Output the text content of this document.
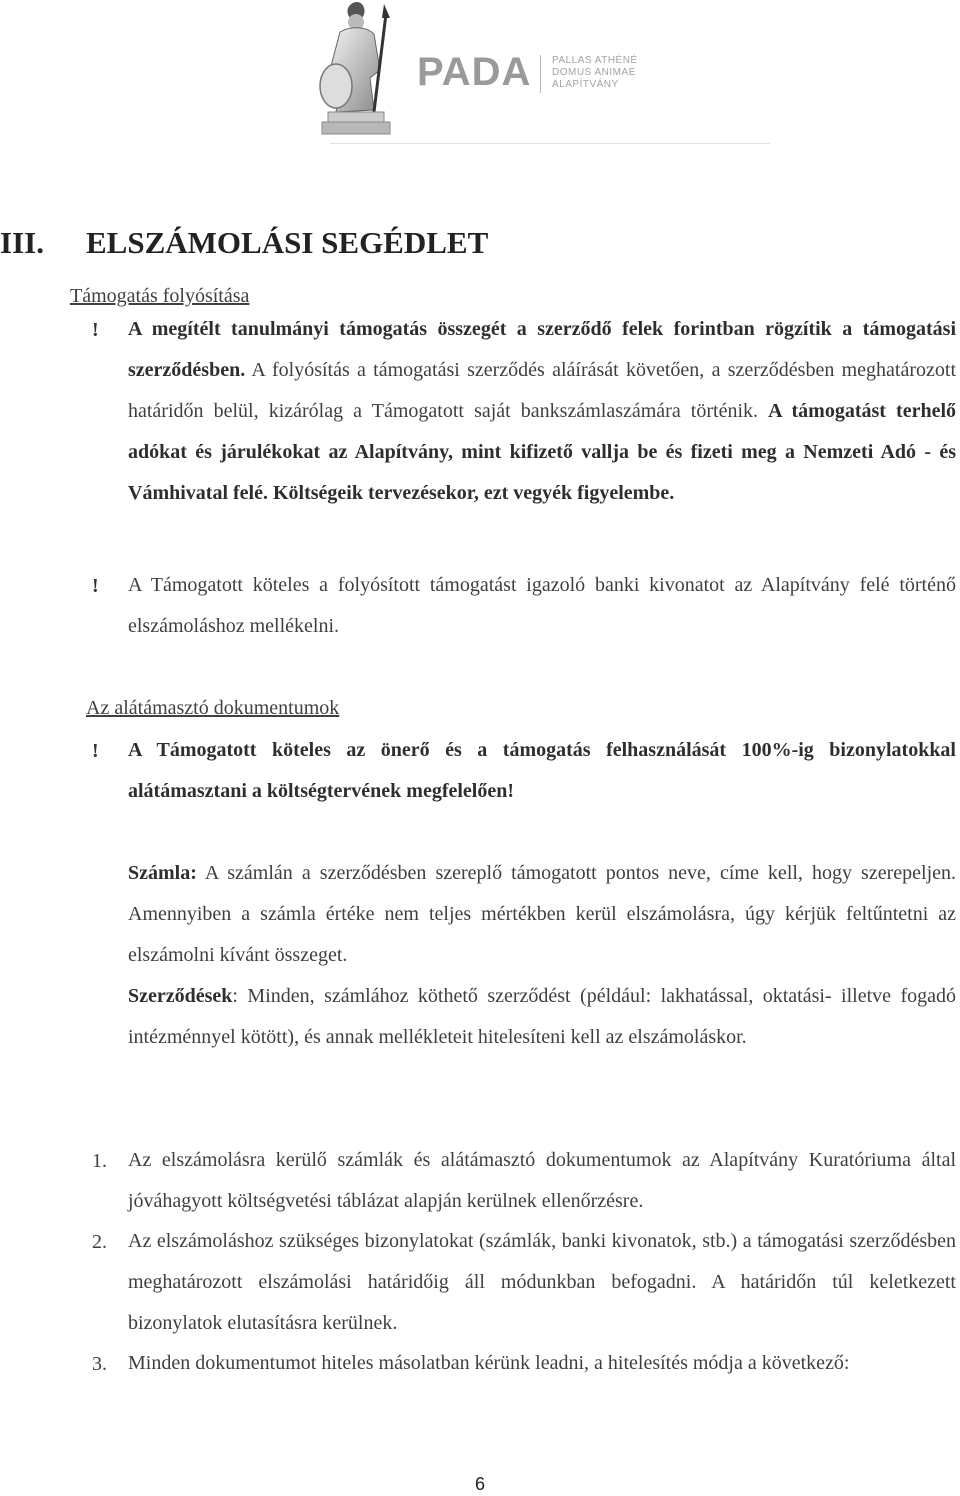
PADA PALLAS ATHÉNÉ
DOMUS ANIMAE
ALAPÍTVÁNY
III. ELSZÁMOLÁSI SEGÉDLET
Támogatás folyósítása
! A megítélt tanulmányi támogatás összegét a szerződő felek forintban rögzítik a támogatási szerződésben. A folyósítás a támogatási szerződés aláírását követően, a szerződésben meghatározott határidőn belül, kizárólag a Támogatott saját bankszámlaszámára történik. A támogatást terhelő adókat és járulékokat az Alapítvány, mint kifizető vallja be és fizeti meg a Nemzeti Adó - és Vámhivatal felé. Költségeik tervezésekor, ezt vegyék figyelembe.
! A Támogatott köteles a folyósított támogatást igazoló banki kivonatot az Alapítvány felé történő elszámoláshoz mellékelni.
Az alátámasztó dokumentumok
! A Támogatott köteles az önerő és a támogatás felhasználását 100%-ig bizonylatokkal alátámasztani a költségtervének megfelelően!
Számla: A számlán a szerződésben szereplő támogatott pontos neve, címe kell, hogy szerepeljen. Amennyiben a számla értéke nem teljes mértékben kerül elszámolásra, úgy kérjük feltűntetni az elszámolni kívánt összeget.
Szerződések: Minden, számlához köthető szerződést (például: lakhatással, oktatási- illetve fogadó intézménnyel kötött), és annak mellékleteit hitelesíteni kell az elszámoláskor.
1. Az elszámolásra kerülő számlák és alátámasztó dokumentumok az Alapítvány Kuratóriuma által jóváhagyott költségvetési táblázat alapján kerülnek ellenőrzésre.
2. Az elszámoláshoz szükséges bizonylatokat (számlák, banki kivonatok, stb.) a támogatási szerződésben meghatározott elszámolási határidőig áll módunkban befogadni. A határidőn túl keletkezett bizonylatok elutasításra kerülnek.
3. Minden dokumentumot hiteles másolatban kérünk leadni, a hitelesítés módja a következő:
6
